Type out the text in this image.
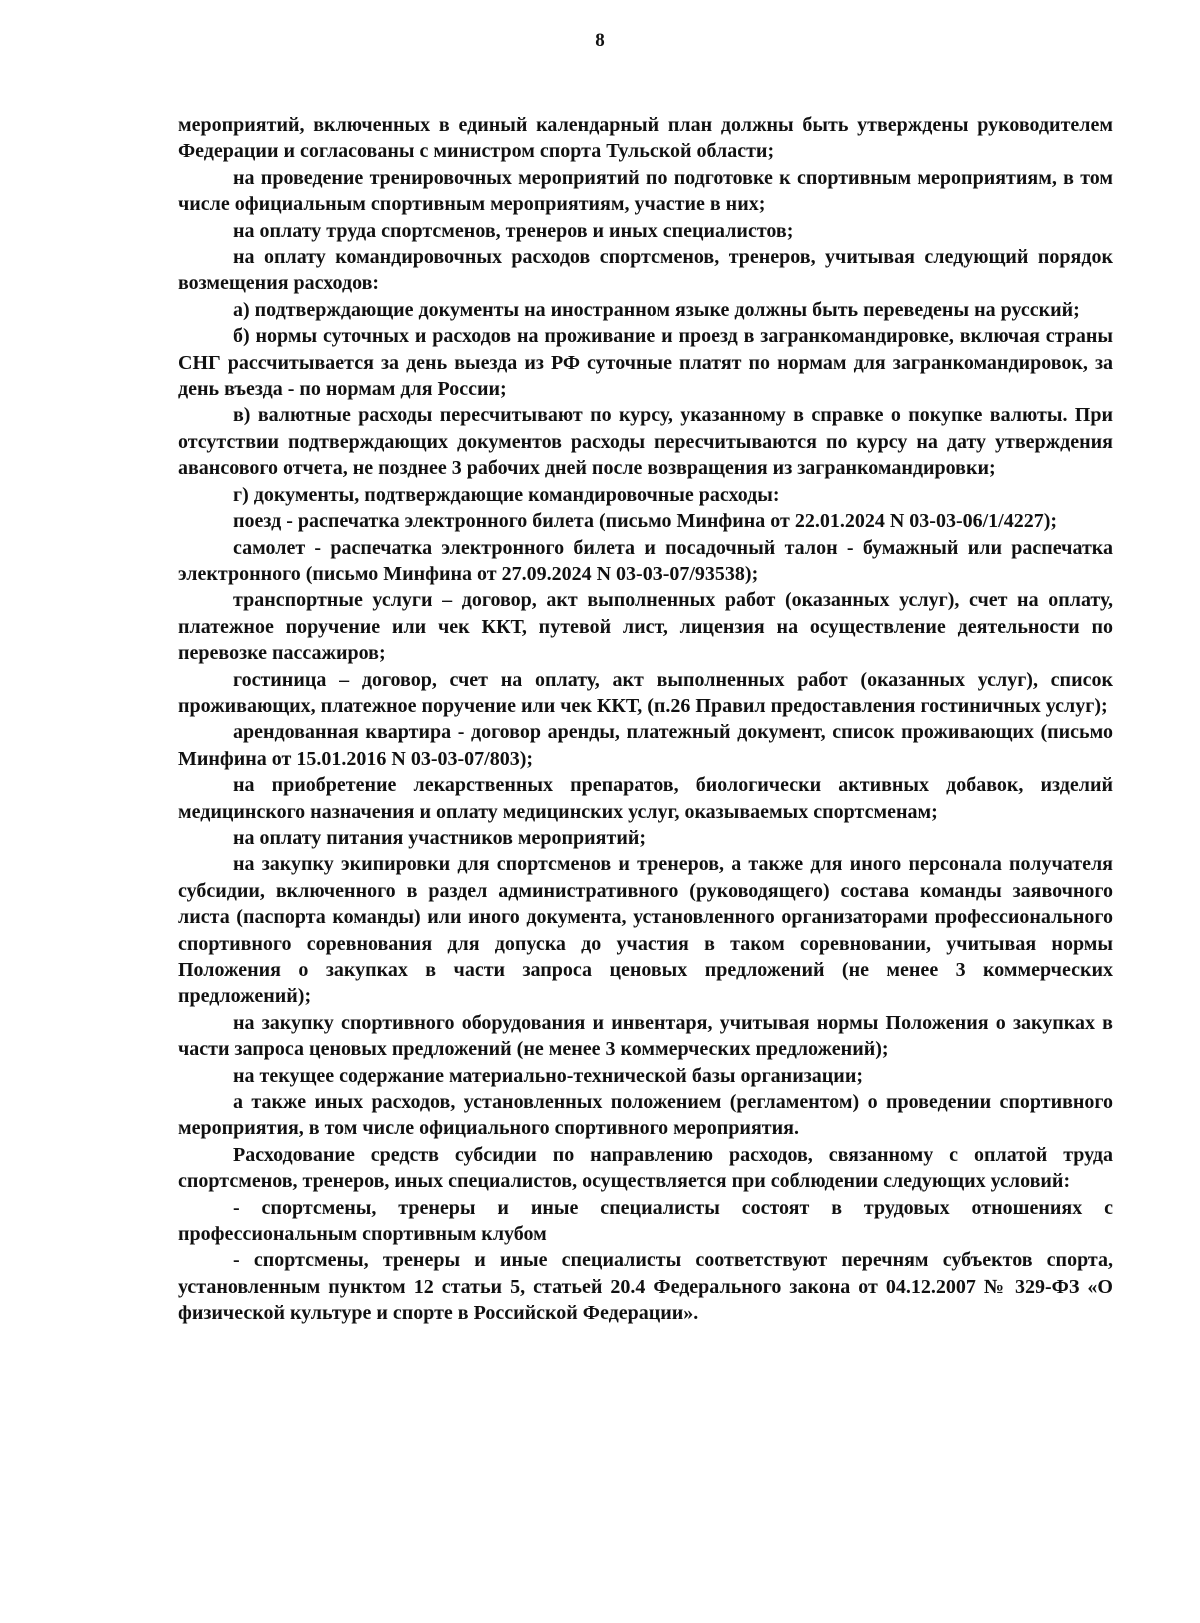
8

мероприятий, включенных в единый календарный план должны быть утверждены руководителем Федерации и согласованы с министром спорта Тульской области;

на проведение тренировочных мероприятий по подготовке к спортивным мероприятиям, в том числе официальным спортивным мероприятиям, участие в них;

на оплату труда спортсменов, тренеров и иных специалистов;

на оплату командировочных расходов спортсменов, тренеров, учитывая следующий порядок возмещения расходов:

а) подтверждающие документы на иностранном языке должны быть переведены на русский;

б) нормы суточных и расходов на проживание и проезд в загранкомандировке, включая страны СНГ рассчитывается за день выезда из РФ суточные платят по нормам для загранкомандировок, за день въезда - по нормам для России;

в) валютные расходы пересчитывают по курсу, указанному в справке о покупке валюты. При отсутствии подтверждающих документов расходы пересчитываются по курсу на дату утверждения авансового отчета, не позднее 3 рабочих дней после возвращения из загранкомандировки;

г) документы, подтверждающие командировочные расходы:

поезд - распечатка электронного билета (письмо Минфина от 22.01.2024 N 03-03-06/1/4227);

самолет - распечатка электронного билета и посадочный талон - бумажный или распечатка электронного (письмо Минфина от 27.09.2024 N 03-03-07/93538);

транспортные услуги – договор, акт выполненных работ (оказанных услуг), счет на оплату, платежное поручение или чек ККТ, путевой лист, лицензия на осуществление деятельности по перевозке пассажиров;

гостиница – договор, счет на оплату, акт выполненных работ (оказанных услуг), список проживающих, платежное поручение или чек ККТ, (п.26 Правил предоставления гостиничных услуг);

арендованная квартира - договор аренды, платежный документ, список проживающих (письмо Минфина от 15.01.2016 N 03-03-07/803);

на приобретение лекарственных препаратов, биологически активных добавок, изделий медицинского назначения и оплату медицинских услуг, оказываемых спортсменам;

на оплату питания участников мероприятий;

на закупку экипировки для спортсменов и тренеров, а также для иного персонала получателя субсидии, включенного в раздел административного (руководящего) состава команды заявочного листа (паспорта команды) или иного документа, установленного организаторами профессионального спортивного соревнования для допуска до участия в таком соревновании, учитывая нормы Положения о закупках в части запроса ценовых предложений (не менее 3 коммерческих предложений);

на закупку спортивного оборудования и инвентаря, учитывая нормы Положения о закупках в части запроса ценовых предложений (не менее 3 коммерческих предложений);

на текущее содержание материально-технической базы организации;

а также иных расходов, установленных положением (регламентом) о проведении спортивного мероприятия, в том числе официального спортивного мероприятия.

Расходование средств субсидии по направлению расходов, связанному с оплатой труда спортсменов, тренеров, иных специалистов, осуществляется при соблюдении следующих условий:

- спортсмены, тренеры и иные специалисты состоят в трудовых отношениях с профессиональным спортивным клубом

- спортсмены, тренеры и иные специалисты соответствуют перечням субъектов спорта, установленным пунктом 12 статьи 5, статьей 20.4 Федерального закона от 04.12.2007 № 329-ФЗ «О физической культуре и спорте в Российской Федерации».
